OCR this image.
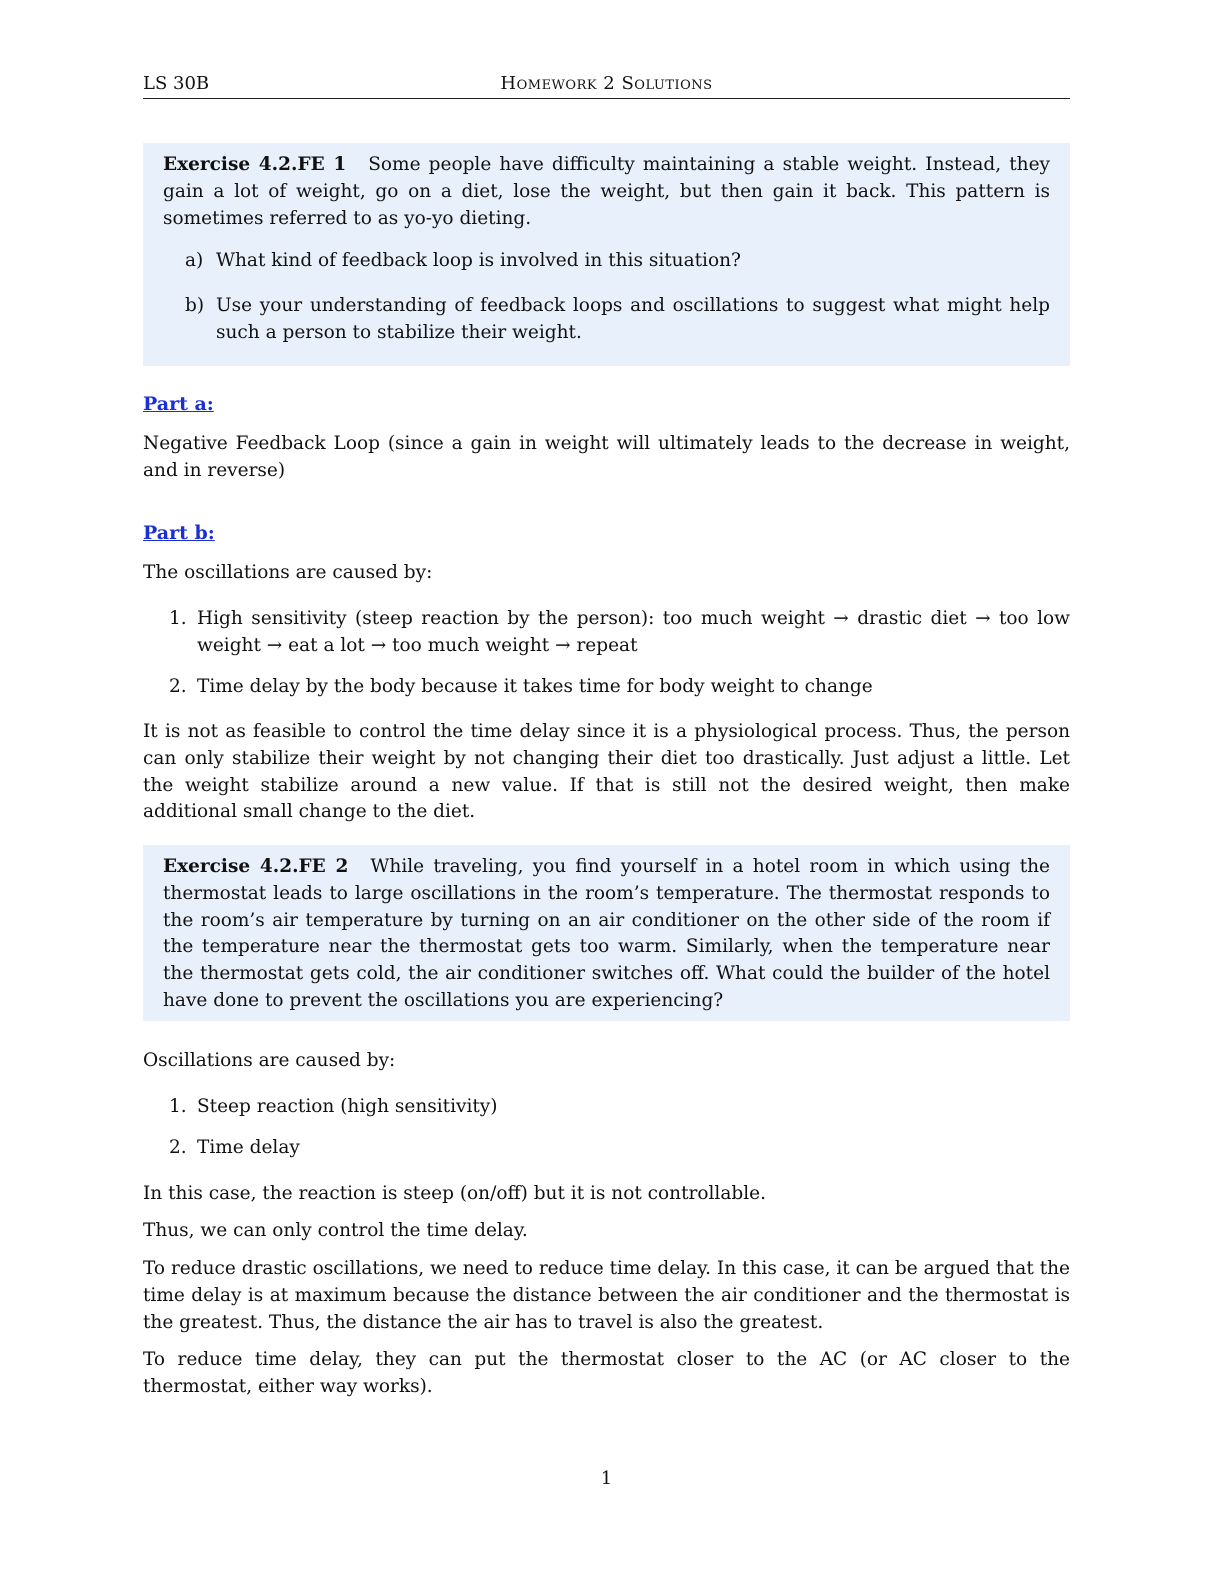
LS 30B	Homework 2 Solutions
Exercise 4.2.FE 1 Some people have difficulty maintaining a stable weight. Instead, they gain a lot of weight, go on a diet, lose the weight, but then gain it back. This pattern is sometimes referred to as yo-yo dieting.
a) What kind of feedback loop is involved in this situation?
b) Use your understanding of feedback loops and oscillations to suggest what might help such a person to stabilize their weight.
Part a:
Negative Feedback Loop (since a gain in weight will ultimately leads to the decrease in weight, and in reverse)
Part b:
The oscillations are caused by:
1. High sensitivity (steep reaction by the person): too much weight → drastic diet → too low weight → eat a lot → too much weight → repeat
2. Time delay by the body because it takes time for body weight to change
It is not as feasible to control the time delay since it is a physiological process. Thus, the person can only stabilize their weight by not changing their diet too drastically. Just adjust a little. Let the weight stabilize around a new value. If that is still not the desired weight, then make additional small change to the diet.
Exercise 4.2.FE 2 While traveling, you find yourself in a hotel room in which using the thermostat leads to large oscillations in the room’s temperature. The thermostat responds to the room’s air temperature by turning on an air conditioner on the other side of the room if the temperature near the thermostat gets too warm. Similarly, when the temperature near the thermostat gets cold, the air conditioner switches off. What could the builder of the hotel have done to prevent the oscillations you are experiencing?
Oscillations are caused by:
1. Steep reaction (high sensitivity)
2. Time delay
In this case, the reaction is steep (on/off) but it is not controllable.
Thus, we can only control the time delay.
To reduce drastic oscillations, we need to reduce time delay. In this case, it can be argued that the time delay is at maximum because the distance between the air conditioner and the thermostat is the greatest. Thus, the distance the air has to travel is also the greatest.
To reduce time delay, they can put the thermostat closer to the AC (or AC closer to the thermostat, either way works).
1
